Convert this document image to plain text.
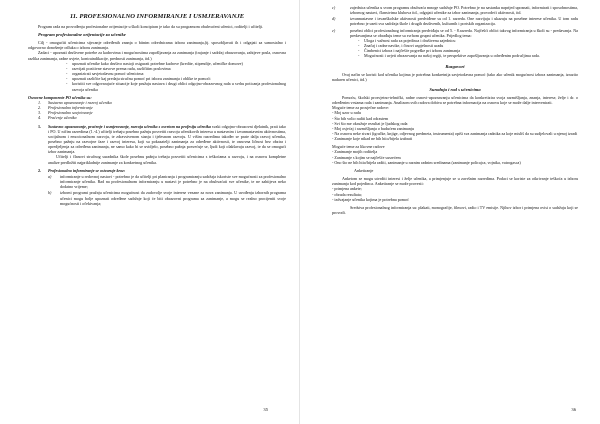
11. PROFESIONALNO INFORMIRANJE I USMJERAVANJE

Program rada na provođenju profesionalne orijentacije u školi koncipiran je tako da su programom obuhvaćeni učenici, roditelji i učitelji.

Program profesionalne orijentacije za učenike

Cilj - omogućiti učenicima stjecanje određenih znanja o bitnim odrednicama izbora zanimanja,(tj. sposobljavati ih i odgajati za samostalno i odgovorno donošenje odluka o izboru zanimanja.

Zadaci - upoznati društvene potrebe za kadrovima i mogućnostima zapošljavanja za zanimanja (trajanje i sadržaj obrazovanja, zahtjeve posla, osnovna razlika zanimanja, radne uvjete, kontraindikacije, prednosti zanimanja, itd.)

- upoznati učenike kako društvo nastoji osigurati potrebne kadrove (kredite, stipendije, učeničke domove)
- razvijati pozitivne stavove prema radu, različitim poslovima
- organizirati savjetodavnu pomoć učenicima
- upoznati različite kaj predaju stručnu pomoć pri izboru zanimanja i oblike te pomoći
- koristiti sve odgovarajuće situacije koje pružaju nastava i drugi oblici odgojno-obrazovnog rada u svrhu poticanja profesionalnog razvoja učenika
Osnovne komponente PO učenika su:
1. Sustavno upoznavanje i razvoj učenika
2. Profesionalno informiranje
3. Profesionalno savjetovanje
4. Praćenje učenika
1. Sustavno upoznavanje, praćenje i usmjeravanje, razvoja učenika s osvrtom na profesiju učenika svaki odgojno-obrazovni djelatnik, prati tako i PO. U ničim razredima (1.-4.) učitelji trebaju posebno pažnju posvetiti razvoju učenikovih interesa u nastavnim i izvannastavnim aktivnostima, socijalnom i emocionalnom razvoju, te zdravstvenom stanju i tjelesnom razvoju. U višim razredima također se prate dalja razvoj učenika, posebno pažnju na razvojne faze i razvoj interesa, koji su pokazatelji zanimanja za određene aktivnosti, te osnovna ličnost bez obzira i opredjeljenja za određena zanimanja, ne samo kako bi se uvidjelo, posebno pažnja posvećuje se, ljudi koji olakšavaju razvoj, te da se omogući izbor zanimanja.

Učitelji i članovi stručnog suradnika škole posebnu pažnju trebaju posvetiti učenicima s teškoćama u razvoju, i na osnovu kompletne analize predložiti najprikladnije zanimanje za konkretnog učenika.

2. Profesionalno informiranje se ostvaruje kroz:
a) informiranje u redovnoj nastavi - potrebno je da učitelji pri planiranju i programiranju sadržaja iskoriste sve mogućnosti za profesionalno informiranje učenika. Rad na profesionalnom informiranju u nastavi je potrebno je na obuhvaćati sve učenike, te ne zahtijeva neko dodatno vrijeme;
b) izborni programi pružaju učenicima mogućnost da zadovolje svoje interese vezane za nova zanimanja. U uvođenju izbornih programa učenici mogu bolje upoznati određene sadržaje koji će biti obrazovni programa za zanimanje, a mogu se realno procijeniti svoje mogućnosti i očekivanja;
35
c)	zajednica učenika u svom programu obuhvaća mnoge sadržaje PO. Potrebno je na sastanku naprijed upoznati, informirati i sposobnostima, izbornog nastavi, članstvima klubova itd., odgajati učenike za izbor zanimanja, provodeći aktivnosti, itd.
d)	izvannastavne i izvanškolske aktivnosti predviđene su od 1. razreda. One razvijaju i ukazuju na posebne interese učenika. U tom radu potrebno je uzeti sva sadržaja škole i drugih društvenih, kulturnih i portskih organizacija.
e)	posebni oblici profesionalnog informiranja predviđaju se od 5. - 8.razreda. Najčešći oblici takvog informiranja u školi su - predavanja. Na predavanjima se obrađuju teme sa svrhom grupni učenika. Prijedlog tema:
- Uloga i važnost rada za pojedinca i društvenu zajednicu
- Značaj i radne navike, i činovi uspješnosti uradu
- Čimbenici izbora i najčešće pogreške pri izboru zanimanja
- Mogućnosti i uvjeti obrazovanja na našoj regiji, te perspektive zapošljavanja u određenim područjima rada.
Razgovori

Ovaj način se koristi kod učenika kojima je potrebna konkretnija savjetodavna pomoć (tako ako učenik mogućnost izbora zanimanja, izrazito nadaren učenici, itd.)

Suradnja i rad s učenicima

Pomoću, školski prosvjetno-tehnički, radne osnovi-upoznavanju učenicima da konkretizira svoja razmišljanja, znanja, interese, želje i dr. o određenim vrstama rada i zanimanja. Analizom svih radova dobiva se potrebna informacija na osnovu koje se može dalje intervenirati.

Moguće teme za prosječne radove:
- Moj uzor u radu
- Što bih volio raditi kad odrastem
- Svi što me okružuje rezultat je ljudskog rada
- Moj osjećaj i razmišljanja o budućem zanimanju
- Na osnovu neke stvari (igračke, knjige, odjevnog predmeta, instrumenta) opiši sva zanimanja radnika za koje misliš da su sudjelovali u njenoj izradi
- Zanimanje koje nikad ne bih htio/htjela izabrati
Moguće teme za likovne radove
- Zanimanje mojih roditelja
- Zanimanje s kojim se najčešće susrećem
- Ono što ne bih htio/htjela raditi, zanimanje u raznim radnim sredinama (zanimanje policajca, vojnika, vatrogasca)
Anketiranje

Anketom se mogu utvrditi interesi i želje učenika, a primjenjuje se u završnim razredima. Podaci se koriste za otkrivanje teškoća u izboru zanimanja kod pojedinca. Anketiranje se može provesti:

- primjena ankete;
- obrada rezultata;
- izdvajanje učenika kojima je potrebna pomoć

Sredstva profesionalnog informiranja su: plakati, monografije, filmovi, radio i TV emisije. Njihov izbor i primjena ovisi o sadržaju koji se provodi.

36
